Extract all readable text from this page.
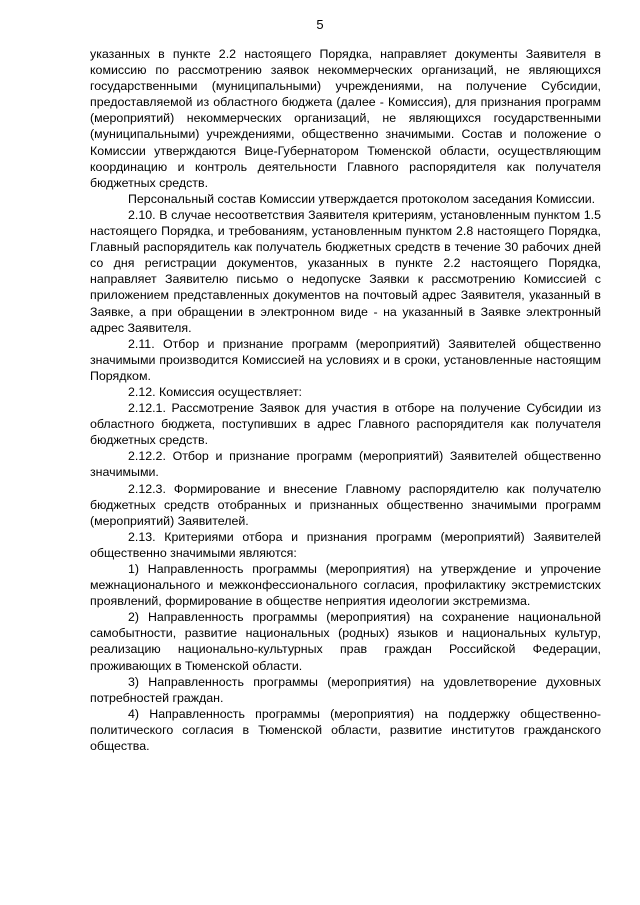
5

указанных в пункте 2.2 настоящего Порядка, направляет документы Заявителя в комиссию по рассмотрению заявок некоммерческих организаций, не являющихся государственными (муниципальными) учреждениями, на получение Субсидии, предоставляемой из областного бюджета (далее - Комиссия), для признания программ (мероприятий) некоммерческих организаций, не являющихся государственными (муниципальными) учреждениями, общественно значимыми. Состав и положение о Комиссии утверждаются Вице-Губернатором Тюменской области, осуществляющим координацию и контроль деятельности Главного распорядителя как получателя бюджетных средств.

Персональный состав Комиссии утверждается протоколом заседания Комиссии.

2.10. В случае несоответствия Заявителя критериям, установленным пунктом 1.5 настоящего Порядка, и требованиям, установленным пунктом 2.8 настоящего Порядка, Главный распорядитель как получатель бюджетных средств в течение 30 рабочих дней со дня регистрации документов, указанных в пункте 2.2 настоящего Порядка, направляет Заявителю письмо о недопуске Заявки к рассмотрению Комиссией с приложением представленных документов на почтовый адрес Заявителя, указанный в Заявке, а при обращении в электронном виде - на указанный в Заявке электронный адрес Заявителя.

2.11. Отбор и признание программ (мероприятий) Заявителей общественно значимыми производится Комиссией на условиях и в сроки, установленные настоящим Порядком.

2.12. Комиссия осуществляет:

2.12.1. Рассмотрение Заявок для участия в отборе на получение Субсидии из областного бюджета, поступивших в адрес Главного распорядителя как получателя бюджетных средств.

2.12.2. Отбор и признание программ (мероприятий) Заявителей общественно значимыми.

2.12.3. Формирование и внесение Главному распорядителю как получателю бюджетных средств отобранных и признанных общественно значимыми программ (мероприятий) Заявителей.

2.13. Критериями отбора и признания программ (мероприятий) Заявителей общественно значимыми являются:

1) Направленность программы (мероприятия) на утверждение и упрочение межнационального и межконфессионального согласия, профилактику экстремистских проявлений, формирование в обществе неприятия идеологии экстремизма.

2) Направленность программы (мероприятия) на сохранение национальной самобытности, развитие национальных (родных) языков и национальных культур, реализацию национально-культурных прав граждан Российской Федерации, проживающих в Тюменской области.

3) Направленность программы (мероприятия) на удовлетворение духовных потребностей граждан.

4) Направленность программы (мероприятия) на поддержку общественно-политического согласия в Тюменской области, развитие институтов гражданского общества.
